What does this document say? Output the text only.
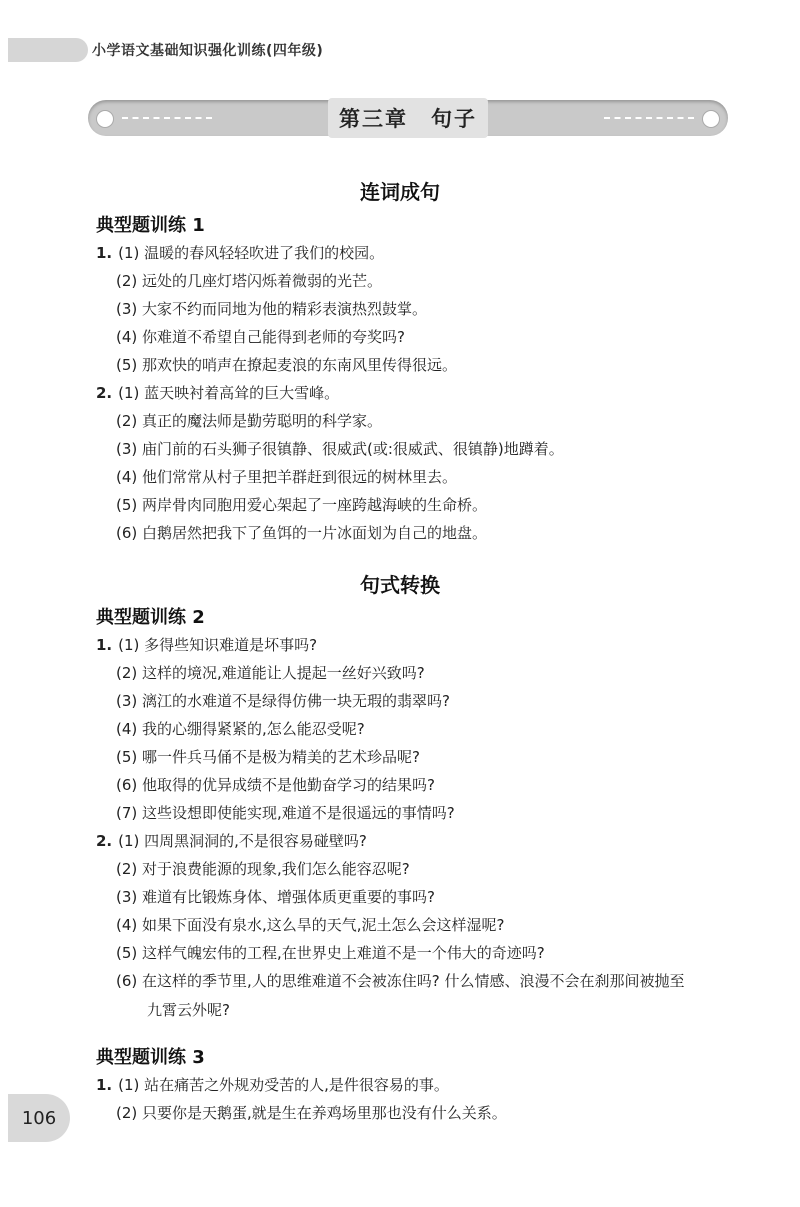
小学语文基础知识强化训练(四年级)
第三章　句子
连词成句
典型题训练 1
1. (1) 温暖的春风轻轻吹进了我们的校园。
(2) 远处的几座灯塔闪烁着微弱的光芒。
(3) 大家不约而同地为他的精彩表演热烈鼓掌。
(4) 你难道不希望自己能得到老师的夸奖吗?
(5) 那欢快的哨声在撩起麦浪的东南风里传得很远。
2. (1) 蓝天映衬着高耸的巨大雪峰。
(2) 真正的魔法师是勤劳聪明的科学家。
(3) 庙门前的石头狮子很镇静、很威武(或:很威武、很镇静)地蹲着。
(4) 他们常常从村子里把羊群赶到很远的树林里去。
(5) 两岸骨肉同胞用爱心架起了一座跨越海峡的生命桥。
(6) 白鹅居然把我下了鱼饵的一片冰面划为自己的地盘。
句式转换
典型题训练 2
1. (1) 多得些知识难道是坏事吗?
(2) 这样的境况,难道能让人提起一丝好兴致吗?
(3) 漓江的水难道不是绿得仿佛一块无瑕的翡翠吗?
(4) 我的心绷得紧紧的,怎么能忍受呢?
(5) 哪一件兵马俑不是极为精美的艺术珍品呢?
(6) 他取得的优异成绩不是他勤奋学习的结果吗?
(7) 这些设想即使能实现,难道不是很遥远的事情吗?
2. (1) 四周黑洞洞的,不是很容易碰壁吗?
(2) 对于浪费能源的现象,我们怎么能容忍呢?
(3) 难道有比锻炼身体、增强体质更重要的事吗?
(4) 如果下面没有泉水,这么旱的天气,泥土怎么会这样湿呢?
(5) 这样气魄宏伟的工程,在世界史上难道不是一个伟大的奇迹吗?
(6) 在这样的季节里,人的思维难道不会被冻住吗? 什么情感、浪漫不会在刹那间被抛至
九霄云外呢?
典型题训练 3
1. (1) 站在痛苦之外规劝受苦的人,是件很容易的事。
(2) 只要你是天鹅蛋,就是生在养鸡场里那也没有什么关系。
106
